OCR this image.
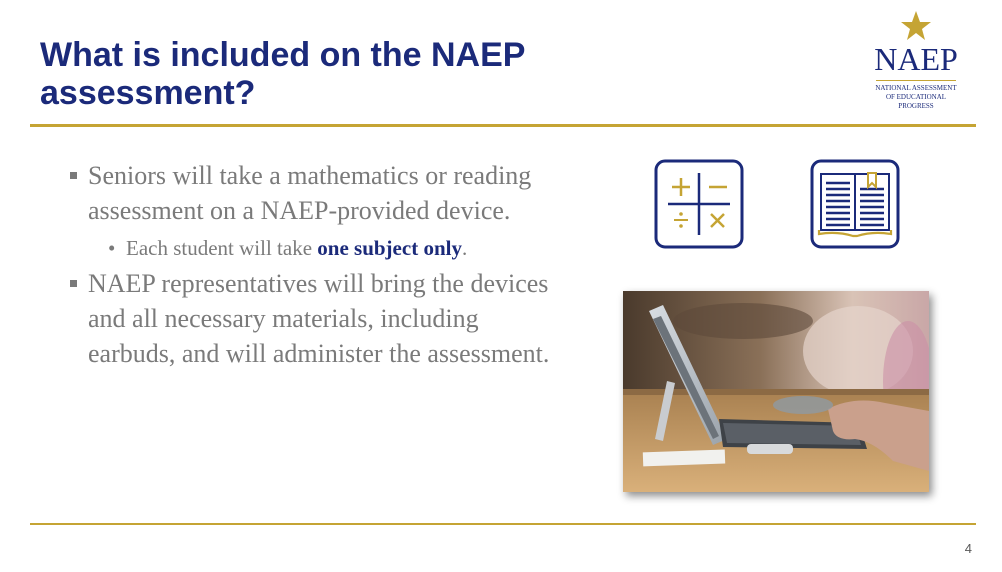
What is included on the NAEP
assessment?
NAEP
NATIONAL ASSESSMENT
OF EDUCATIONAL
PROGRESS
Seniors will take a mathematics or reading assessment on a NAEP-provided device.
• Each student will take one subject only.
NAEP representatives will bring the devices and all necessary materials, including earbuds, and will administer the assessment.
4
